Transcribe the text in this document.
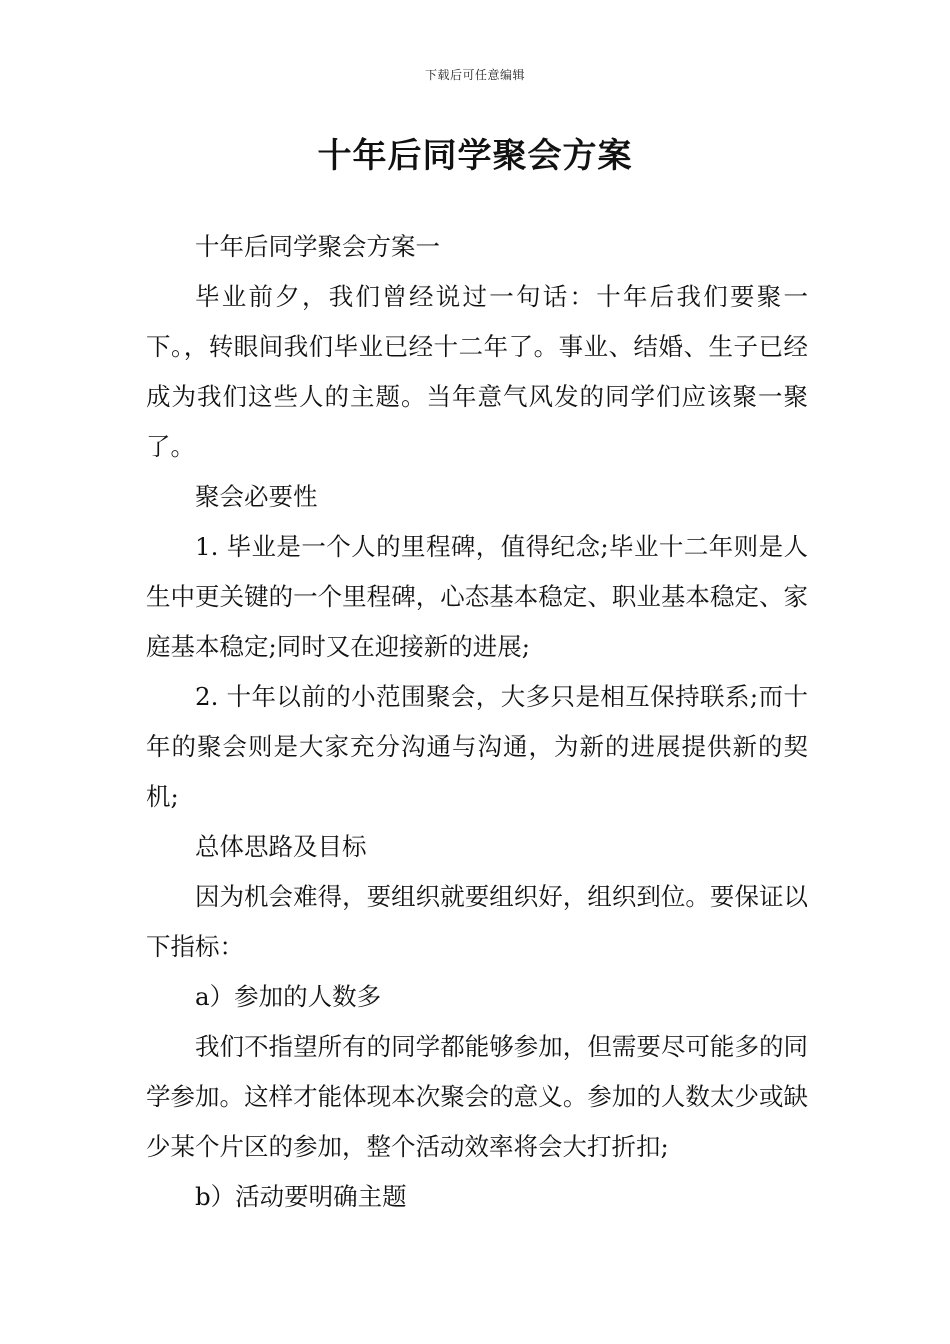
下载后可任意编辑
十年后同学聚会方案

十年后同学聚会方案一

毕业前夕，我们曾经说过一句话：十年后我们要聚一下。，转眼间我们毕业已经十二年了。事业、结婚、生子已经成为我们这些人的主题。当年意气风发的同学们应该聚一聚了。

聚会必要性

1. 毕业是一个人的里程碑，值得纪念;毕业十二年则是人生中更关键的一个里程碑，心态基本稳定、职业基本稳定、家庭基本稳定;同时又在迎接新的进展;

2. 十年以前的小范围聚会，大多只是相互保持联系;而十年的聚会则是大家充分沟通与沟通，为新的进展提供新的契机;

总体思路及目标

因为机会难得，要组织就要组织好，组织到位。要保证以下指标：

a）参加的人数多

我们不指望所有的同学都能够参加，但需要尽可能多的同学参加。这样才能体现本次聚会的意义。参加的人数太少或缺少某个片区的参加，整个活动效率将会大打折扣;

b）活动要明确主题
